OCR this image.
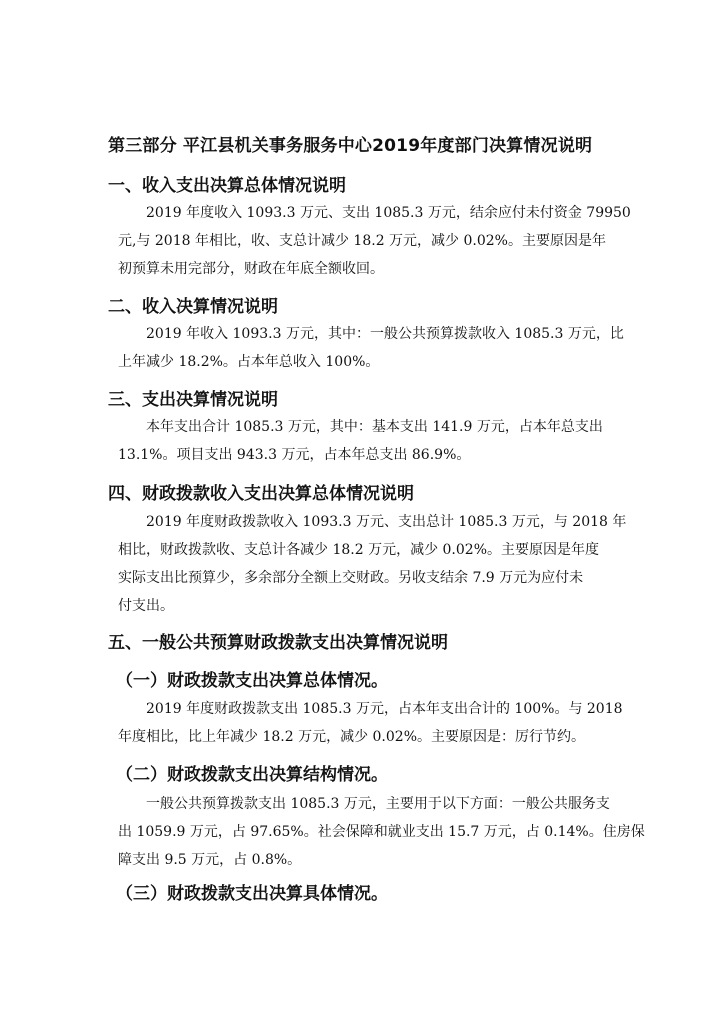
第三部分 平江县机关事务服务中心2019年度部门决算情况说明
一、收入支出决算总体情况说明
2019 年度收入 1093.3 万元、支出 1085.3 万元，结余应付未付资金 79950
元,与 2018 年相比，收、支总计减少 18.2 万元，减少 0.02%。主要原因是年
初预算未用完部分，财政在年底全额收回。
二、收入决算情况说明
2019 年收入 1093.3 万元，其中：一般公共预算拨款收入 1085.3 万元，比
上年减少 18.2%。占本年总收入 100%。
三、支出决算情况说明
本年支出合计 1085.3 万元，其中：基本支出 141.9 万元，占本年总支出
13.1%。项目支出 943.3 万元，占本年总支出 86.9%。
四、财政拨款收入支出决算总体情况说明
2019 年度财政拨款收入 1093.3 万元、支出总计 1085.3 万元，与 2018 年
相比，财政拨款收、支总计各减少 18.2 万元，减少 0.02%。主要原因是年度
实际支出比预算少，多余部分全额上交财政。另收支结余 7.9 万元为应付未
付支出。
五、一般公共预算财政拨款支出决算情况说明
（一）财政拨款支出决算总体情况。
2019 年度财政拨款支出 1085.3 万元，占本年支出合计的 100%。与 2018
年度相比，比上年减少 18.2 万元，减少 0.02%。主要原因是：厉行节约。
（二）财政拨款支出决算结构情况。
一般公共预算拨款支出 1085.3 万元，主要用于以下方面：一般公共服务支
出 1059.9 万元，占 97.65%。社会保障和就业支出 15.7 万元，占 0.14%。住房保
障支出 9.5 万元，占 0.8%。
（三）财政拨款支出决算具体情况。
